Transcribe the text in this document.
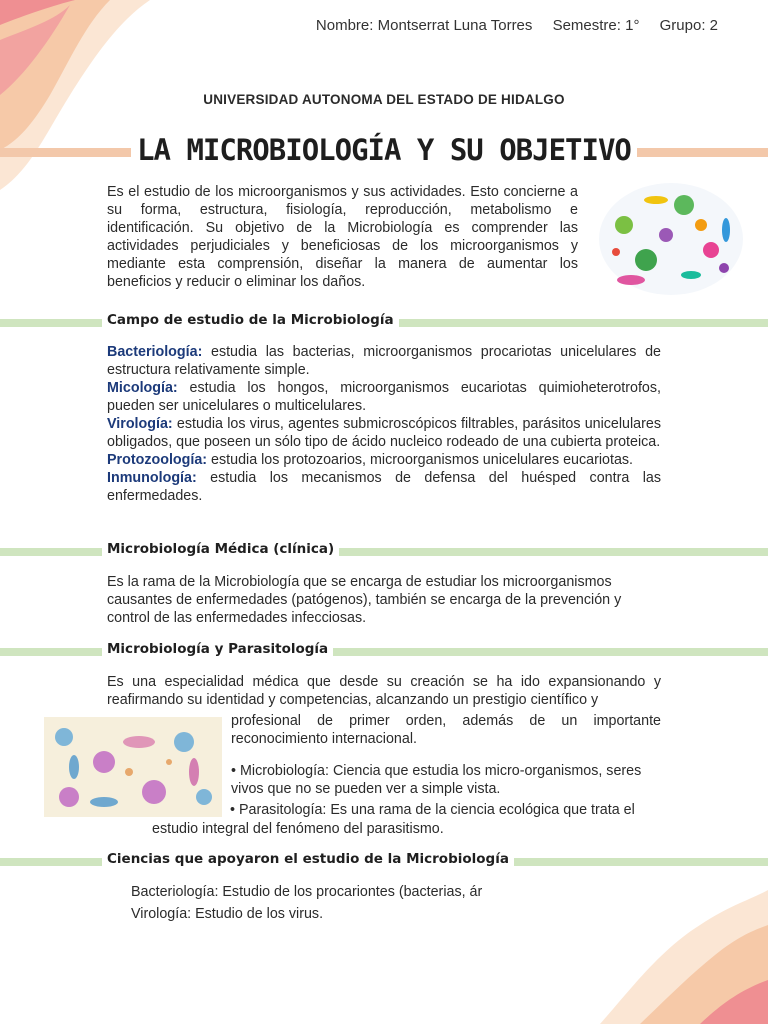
Nombre: Montserrat Luna Torres Semestre: 1° Grupo: 2
UNIVERSIDAD AUTONOMA DEL ESTADO DE HIDALGO
LA MICROBIOLOGÍA Y SU OBJETIVO
Es el estudio de los microorganismos y sus actividades. Esto concierne a su forma, estructura, fisiología, reproducción, metabolismo e identificación. Su objetivo de la Microbiología es comprender las actividades perjudiciales y beneficiosas de los microorganismos y mediante esta comprensión, diseñar la manera de aumentar los beneficios y reducir o eliminar los daños.
Campo de estudio de la Microbiología
Bacteriología: estudia las bacterias, microorganismos procariotas unicelulares de estructura relativamente simple.
Micología: estudia los hongos, microorganismos eucariotas quimioheterotrofos, pueden ser unicelulares o multicelulares.
Virología: estudia los virus, agentes submicroscópicos filtrables, parásitos unicelulares obligados, que poseen un sólo tipo de ácido nucleico rodeado de una cubierta proteica.
Protozoología: estudia los protozoarios, microorganismos unicelulares eucariotas.
Inmunología: estudia los mecanismos de defensa del huésped contra las enfermedades.
Microbiología Médica (clínica)
Es la rama de la Microbiología que se encarga de estudiar los microorganismos causantes de enfermedades (patógenos), también se encarga de la prevención y control de las enfermedades infecciosas.
Microbiología y Parasitología
Es una especialidad médica que desde su creación se ha ido expansionando y reafirmando su identidad y competencias, alcanzando un prestigio científico y
profesional de primer orden, además de un importante reconocimiento internacional.
• Microbiología: Ciencia que estudia los micro-organismos, seres vivos que no se pueden ver a simple vista.
• Parasitología: Es una rama de la ciencia ecológica que trata el
estudio integral del fenómeno del parasitismo.
Ciencias que apoyaron el estudio de la Microbiología
• Bacteriología: Estudio de los procariontes (bacterias, ár
• Virología: Estudio de los virus.
